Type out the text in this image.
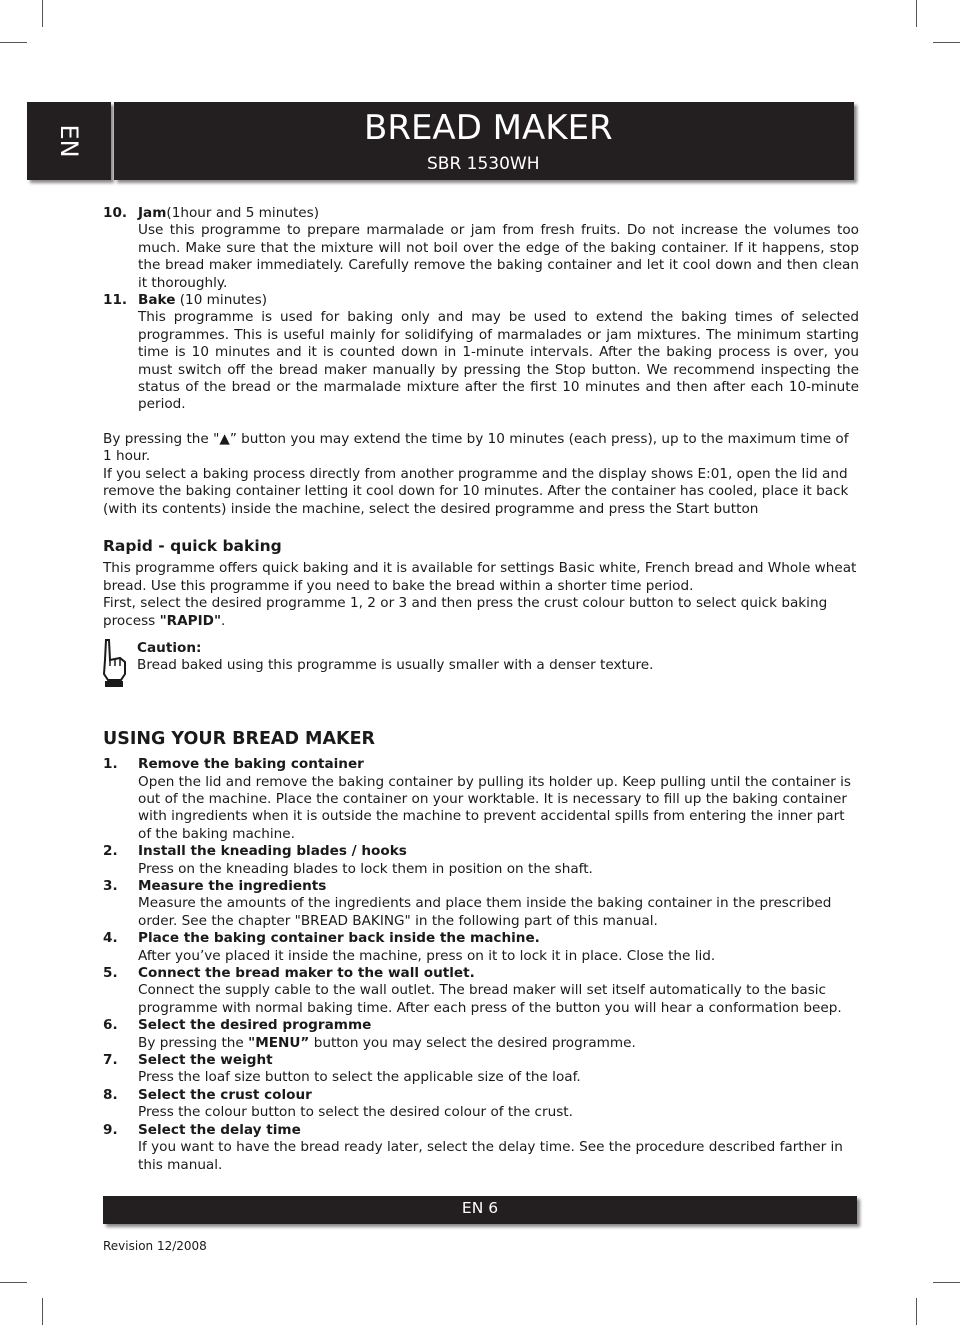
EN	BREAD MAKER
SBR 1530WH
10. Jam(1hour and 5 minutes)

Use this programme to prepare marmalade or jam from fresh fruits. Do not increase the volumes too much. Make sure that the mixture will not boil over the edge of the baking container. If it happens, stop the bread maker immediately. Carefully remove the baking container and let it cool down and then clean it thoroughly.

11. Bake (10 minutes)

This programme is used for baking only and may be used to extend the baking times of selected programmes. This is useful mainly for solidifying of marmalades or jam mixtures. The minimum starting time is 10 minutes and it is counted down in 1-minute intervals. After the baking process is over, you must switch off the bread maker manually by pressing the Stop button. We recommend inspecting the status of the bread or the marmalade mixture after the first 10 minutes and then after each 10-minute period.

By pressing the "▲” button you may extend the time by 10 minutes (each press), up to the maximum time of 1 hour.

If you select a baking process directly from another programme and the display shows E:01, open the lid and remove the baking container letting it cool down for 10 minutes. After the container has cooled, place it back (with its contents) inside the machine, select the desired programme and press the Start button

Rapid - quick baking

This programme offers quick baking and it is available for settings Basic white, French bread and Whole wheat bread. Use this programme if you need to bake the bread within a shorter time period.

First, select the desired programme 1, 2 or 3 and then press the crust colour button to select quick baking process "RAPID".

Caution:

Bread baked using this programme is usually smaller with a denser texture.

USING YOUR BREAD MAKER

1. Remove the baking container

Open the lid and remove the baking container by pulling its holder up. Keep pulling until the container is out of the machine. Place the container on your worktable. It is necessary to fill up the baking container with ingredients when it is outside the machine to prevent accidental spills from entering the inner part of the baking machine.

2. Install the kneading blades / hooks

Press on the kneading blades to lock them in position on the shaft.

3. Measure the ingredients

Measure the amounts of the ingredients and place them inside the baking container in the prescribed order. See the chapter "BREAD BAKING" in the following part of this manual.

4. Place the baking container back inside the machine.

After you’ve placed it inside the machine, press on it to lock it in place. Close the lid.

5. Connect the bread maker to the wall outlet.

Connect the supply cable to the wall outlet. The bread maker will set itself automatically to the basic programme with normal baking time. After each press of the button you will hear a conformation beep.

6. Select the desired programme

By pressing the "MENU” button you may select the desired programme.

7. Select the weight

Press the loaf size button to select the applicable size of the loaf.

8. Select the crust colour

Press the colour button to select the desired colour of the crust.

9. Select the delay time

If you want to have the bread ready later, select the delay time. See the procedure described farther in this manual.

EN 6
Revision 12/2008
